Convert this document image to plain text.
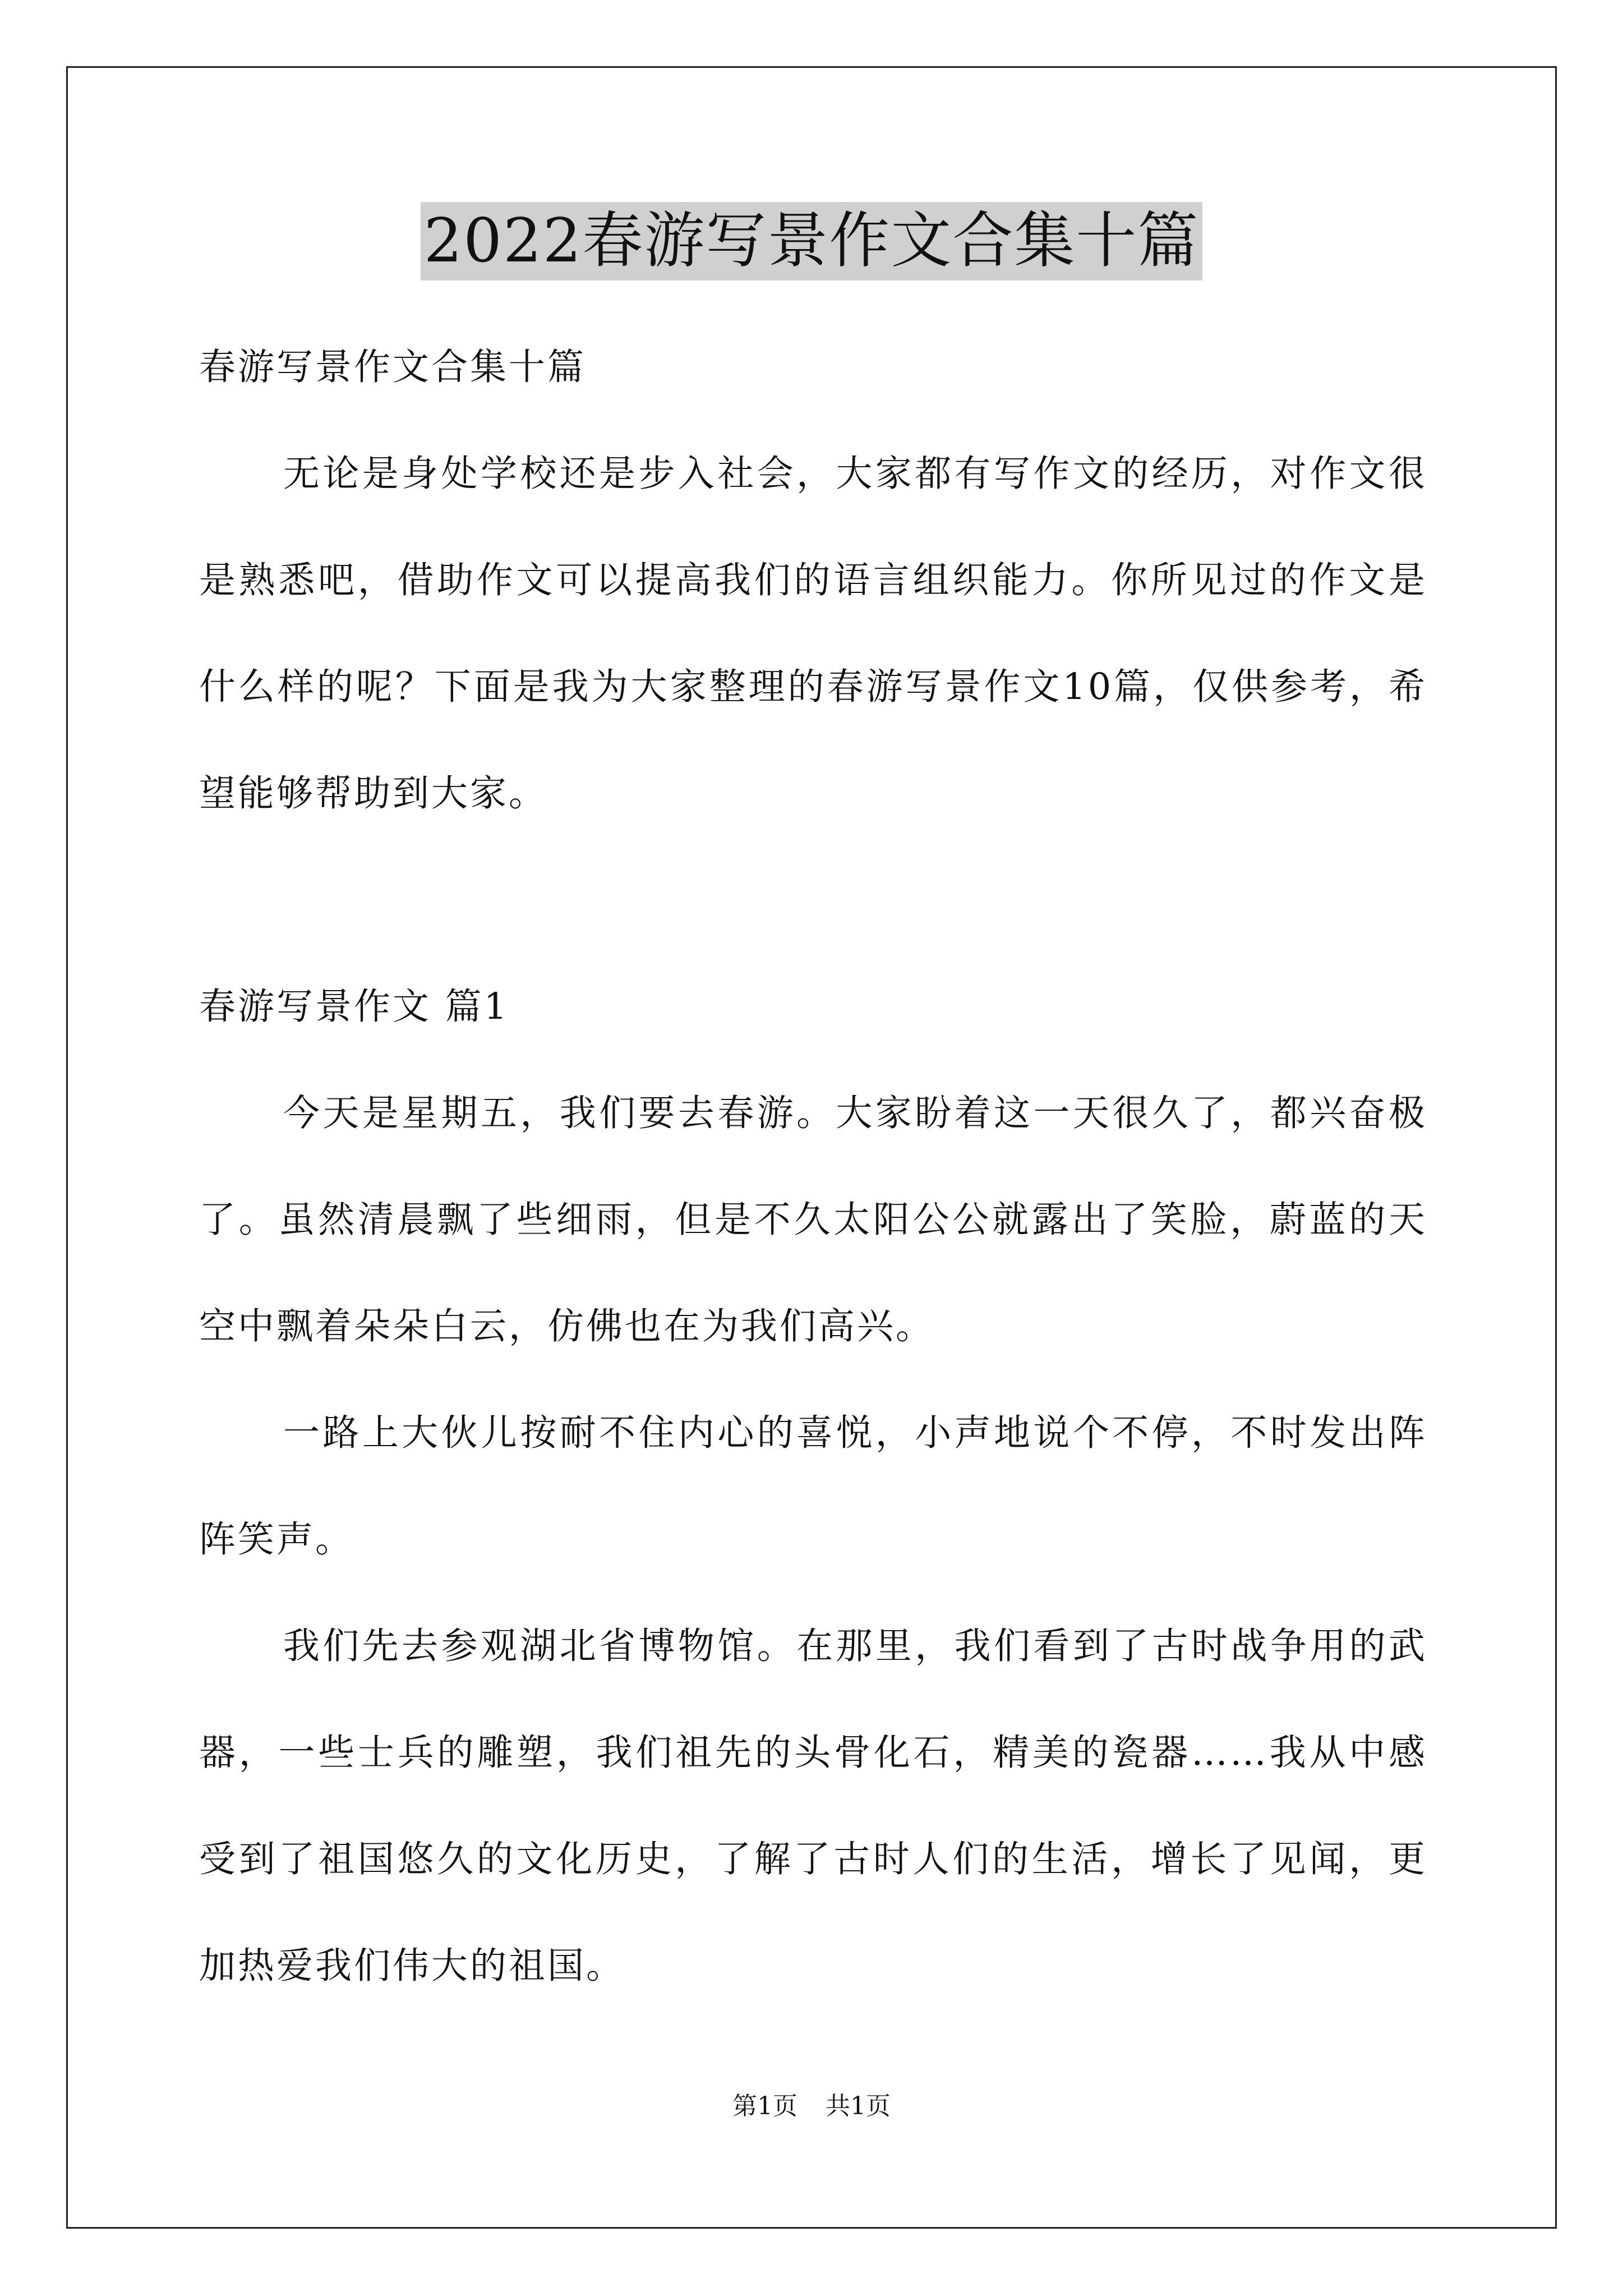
2022春游写景作文合集十篇

春游写景作文合集十篇

无论是身处学校还是步入社会，大家都有写作文的经历，对作文很是熟悉吧，借助作文可以提高我们的语言组织能力。你所见过的作文是什么样的呢？下面是我为大家整理的春游写景作文10篇，仅供参考，希望能够帮助到大家。

春游写景作文 篇1

今天是星期五，我们要去春游。大家盼着这一天很久了，都兴奋极了。虽然清晨飘了些细雨，但是不久太阳公公就露出了笑脸，蔚蓝的天空中飘着朵朵白云，仿佛也在为我们高兴。

一路上大伙儿按耐不住内心的喜悦，小声地说个不停，不时发出阵阵笑声。

我们先去参观湖北省博物馆。在那里，我们看到了古时战争用的武器，一些士兵的雕塑，我们祖先的头骨化石，精美的瓷器……我从中感受到了祖国悠久的文化历史，了解了古时人们的生活，增长了见闻，更加热爱我们伟大的祖国。

第1页 共1页
